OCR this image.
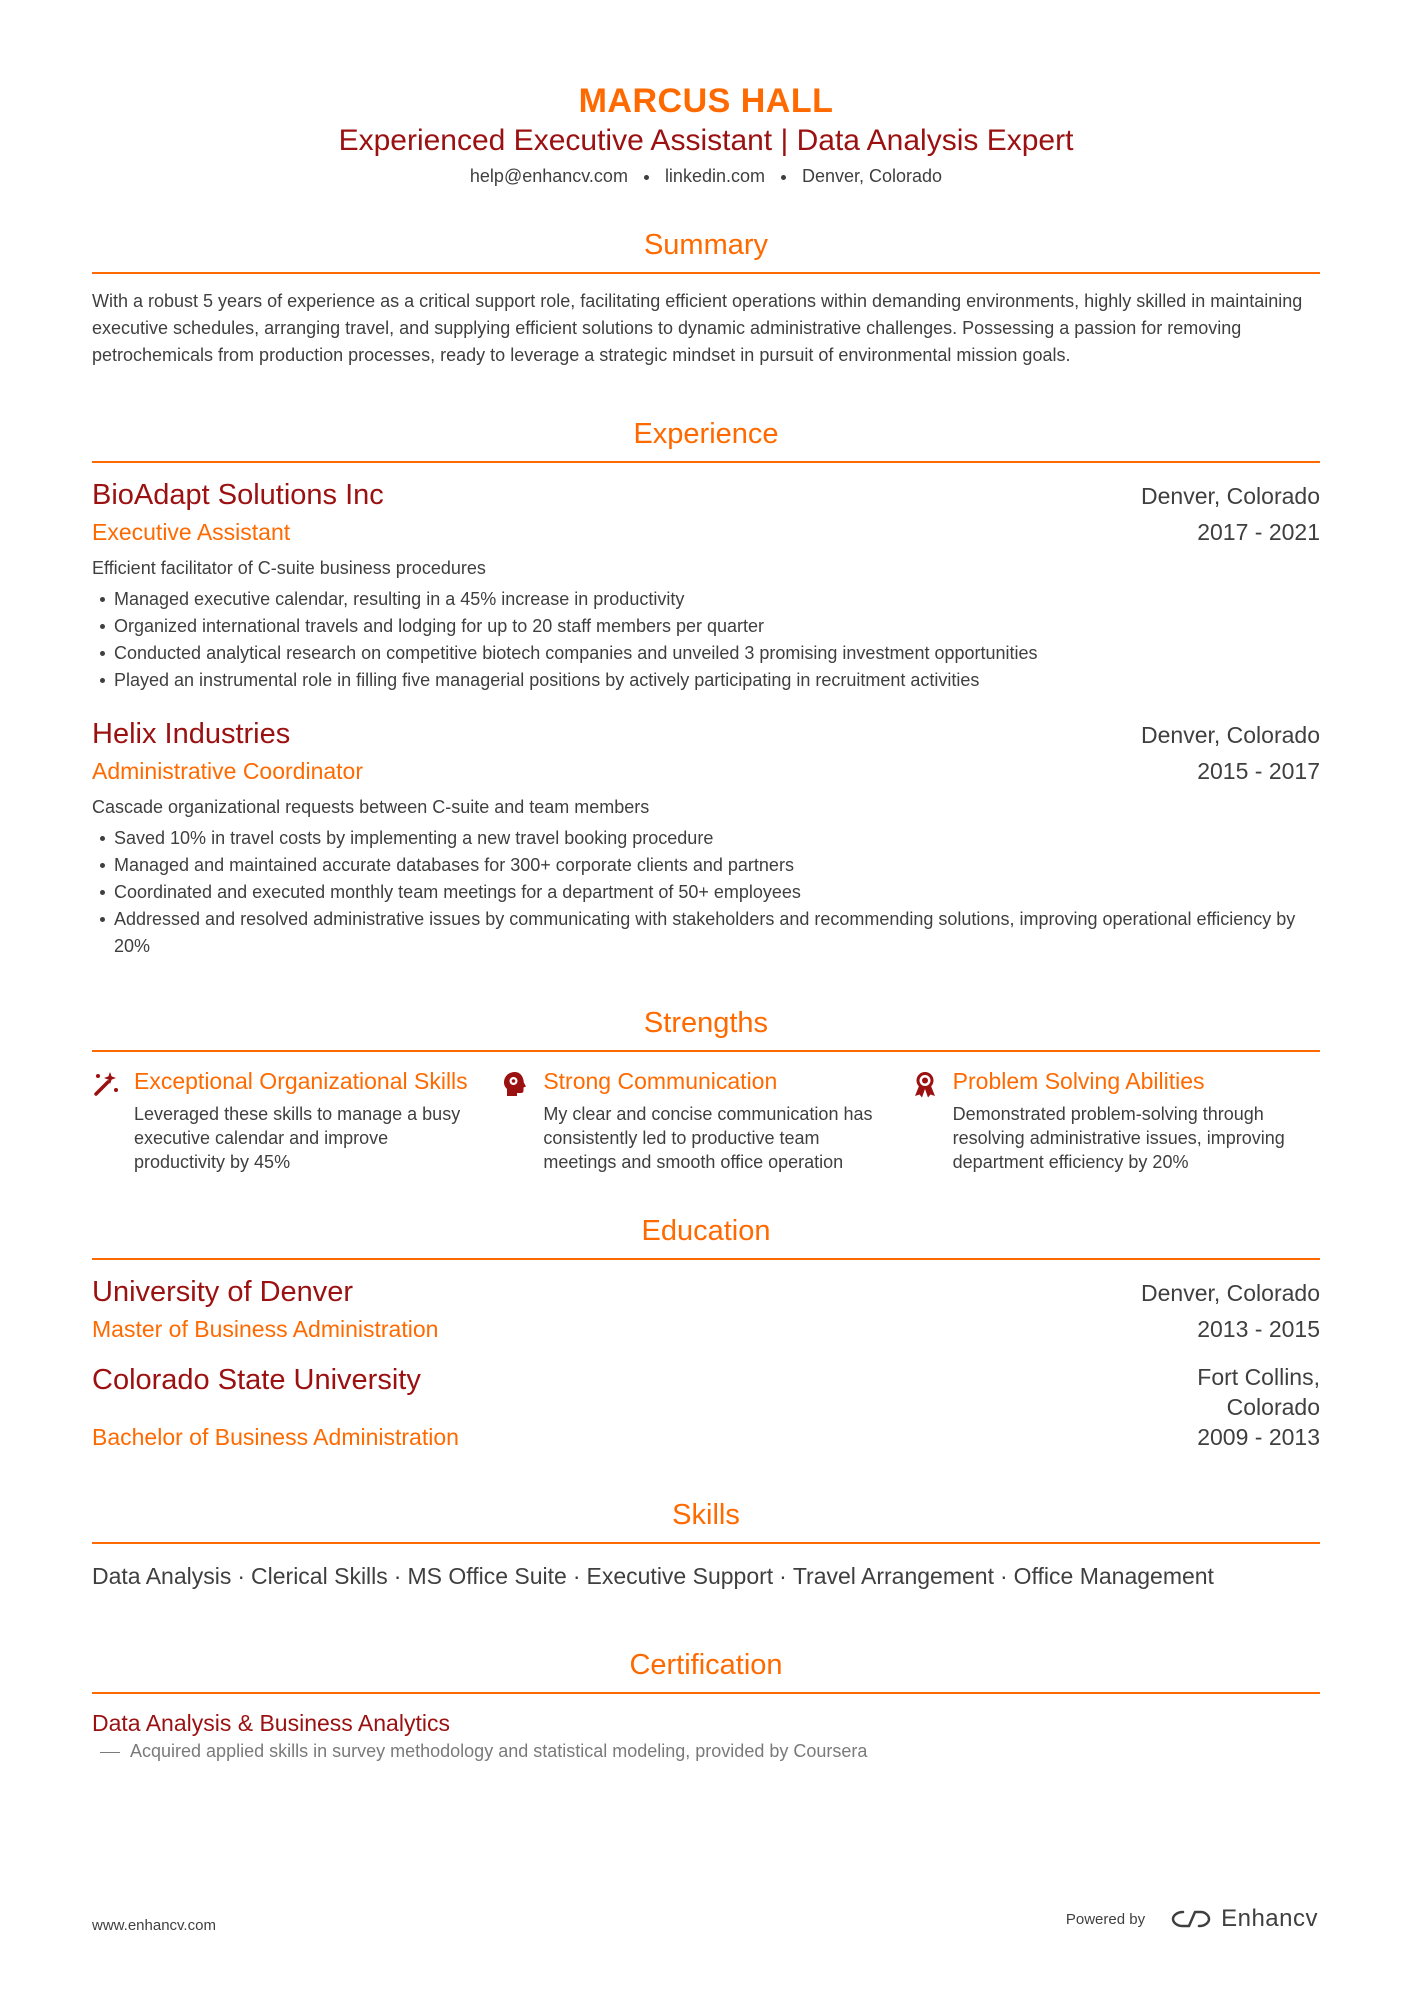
MARCUS HALL
Experienced Executive Assistant | Data Analysis Expert
help@enhancv.com linkedin.com Denver, Colorado
Summary
With a robust 5 years of experience as a critical support role, facilitating efficient operations within demanding environments, highly skilled in maintaining executive schedules, arranging travel, and supplying efficient solutions to dynamic administrative challenges. Possessing a passion for removing petrochemicals from production processes, ready to leverage a strategic mindset in pursuit of environmental mission goals.
Experience
BioAdapt Solutions Inc	Denver, Colorado
Executive Assistant	2017 - 2021
Efficient facilitator of C-suite business procedures
Managed executive calendar, resulting in a 45% increase in productivity
Organized international travels and lodging for up to 20 staff members per quarter
Conducted analytical research on competitive biotech companies and unveiled 3 promising investment opportunities
Played an instrumental role in filling five managerial positions by actively participating in recruitment activities
Helix Industries	Denver, Colorado
Administrative Coordinator	2015 - 2017
Cascade organizational requests between C-suite and team members
Saved 10% in travel costs by implementing a new travel booking procedure
Managed and maintained accurate databases for 300+ corporate clients and partners
Coordinated and executed monthly team meetings for a department of 50+ employees
Addressed and resolved administrative issues by communicating with stakeholders and recommending solutions, improving operational efficiency by 20%
Strengths
Exceptional Organizational Skills
Leveraged these skills to manage a busy executive calendar and improve productivity by 45%
Strong Communication
My clear and concise communication has consistently led to productive team meetings and smooth office operation
Problem Solving Abilities
Demonstrated problem-solving through resolving administrative issues, improving department efficiency by 20%
Education
University of Denver	Denver, Colorado
Master of Business Administration	2013 - 2015
Colorado State University	Fort Collins,
Colorado
Bachelor of Business Administration	2009 - 2013
Skills
Data Analysis · Clerical Skills · MS Office Suite · Executive Support · Travel Arrangement · Office Management
Certification
Data Analysis & Business Analytics
Acquired applied skills in survey methodology and statistical modeling, provided by Coursera
www.enhancv.com	Powered by	Enhancv
